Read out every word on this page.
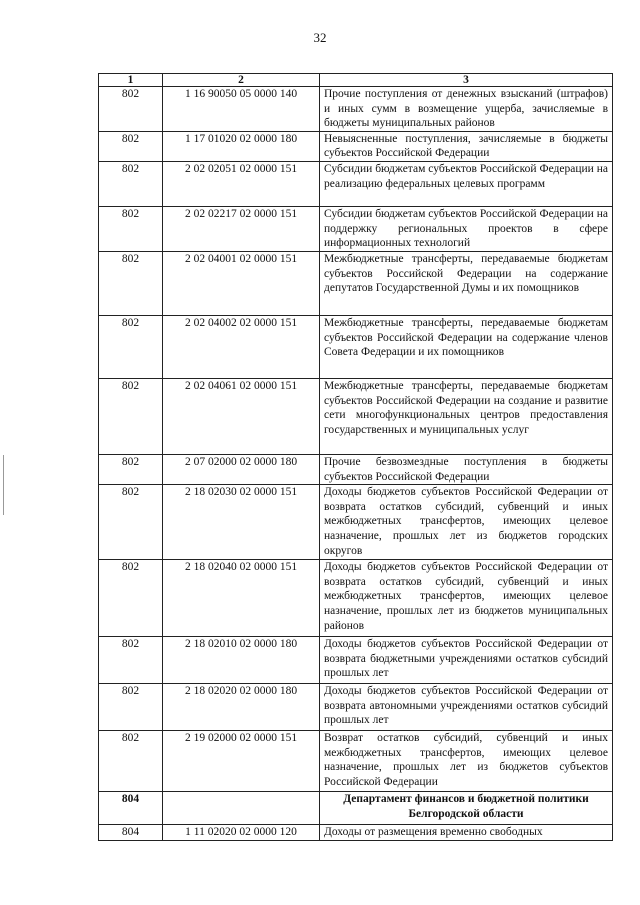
32
1	2	3
802	1 16 90050 05 0000 140	Прочие поступления от денежных взысканий (штрафов) и иных сумм в возмещение ущерба, зачисляемые в бюджеты муниципальных районов
802	1 17 01020 02 0000 180	Невыясненные поступления, зачисляемые в бюджеты субъектов Российской Федерации
802	2 02 02051 02 0000 151	Субсидии бюджетам субъектов Российской Федерации на реализацию федеральных целевых программ
802	2 02 02217 02 0000 151	Субсидии бюджетам субъектов Российской Федерации на поддержку региональных проектов в сфере информационных технологий
802	2 02 04001 02 0000 151	Межбюджетные трансферты, передаваемые бюджетам субъектов Российской Федерации на содержание депутатов Государственной Думы и их помощников
802	2 02 04002 02 0000 151	Межбюджетные трансферты, передаваемые бюджетам субъектов Российской Федерации на содержание членов Совета Федерации и их помощников
802	2 02 04061 02 0000 151	Межбюджетные трансферты, передаваемые бюджетам субъектов Российской Федерации на создание и развитие сети многофункциональных центров предоставления государственных и муниципальных услуг
802	2 07 02000 02 0000 180	Прочие безвозмездные поступления в бюджеты субъектов Российской Федерации
802	2 18 02030 02 0000 151	Доходы бюджетов субъектов Российской Федерации от возврата остатков субсидий, субвенций и иных межбюджетных трансфертов, имеющих целевое назначение, прошлых лет из бюджетов городских округов
802	2 18 02040 02 0000 151	Доходы бюджетов субъектов Российской Федерации от возврата остатков субсидий, субвенций и иных межбюджетных трансфертов, имеющих целевое назначение, прошлых лет из бюджетов муниципальных районов
802	2 18 02010 02 0000 180	Доходы бюджетов субъектов Российской Федерации от возврата бюджетными учреждениями остатков субсидий прошлых лет
802	2 18 02020 02 0000 180	Доходы бюджетов субъектов Российской Федерации от возврата автономными учреждениями остатков субсидий прошлых лет
802	2 19 02000 02 0000 151	Возврат остатков субсидий, субвенций и иных межбюджетных трансфертов, имеющих целевое назначение, прошлых лет из бюджетов субъектов Российской Федерации
804		Департамент финансов и бюджетной политики Белгородской области
804	1 11 02020 02 0000 120	Доходы от размещения временно свободных
